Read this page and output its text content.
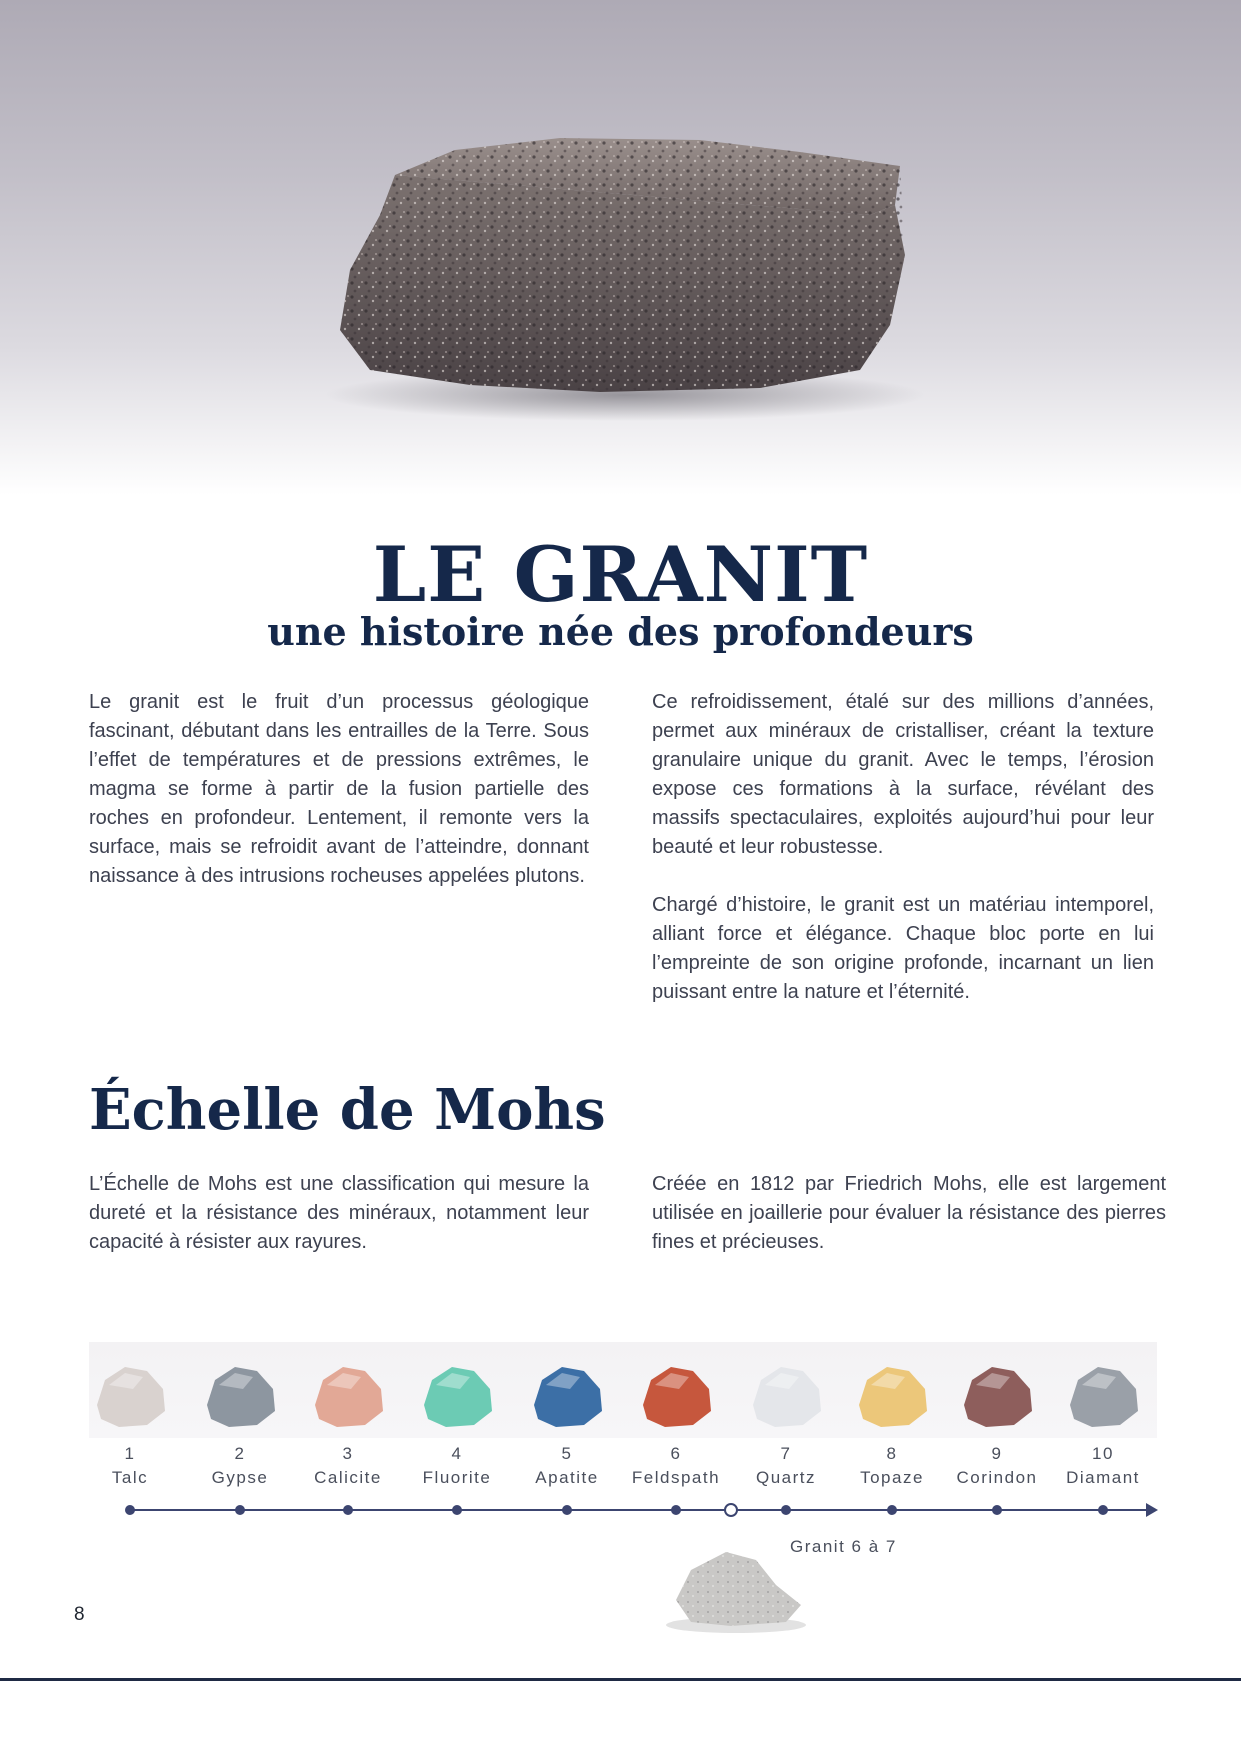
LE GRANIT
une histoire née des profondeurs

Le granit est le fruit d’un processus géologique fascinant, débutant dans les entrailles de la Terre. Sous l’effet de températures et de pressions extrêmes, le magma se forme à partir de la fusion partielle des roches en profondeur. Lentement, il remonte vers la surface, mais se refroidit avant de l’atteindre, donnant naissance à des intrusions rocheuses appelées plutons.

Ce refroidissement, étalé sur des millions d’années, permet aux minéraux de cristalliser, créant la texture granulaire unique du granit. Avec le temps, l’érosion expose ces formations à la surface, révélant des massifs spectaculaires, exploités aujourd’hui pour leur beauté et leur robustesse.

Chargé d’histoire, le granit est un matériau intemporel, alliant force et élégance. Chaque bloc porte en lui l’empreinte de son origine profonde, incarnant un lien puissant entre la nature et l’éternité.

Échelle de Mohs

L’Échelle de Mohs est une classification qui mesure la dureté et la résistance des minéraux, notamment leur capacité à résister aux rayures.

Créée en 1812 par Friedrich Mohs, elle est largement utilisée en joaillerie pour évaluer la résistance des pierres fines et précieuses.

1
Talc
2
Gypse
3
Calicite
4
Fluorite
5
Apatite
6
Feldspath
7
Quartz
8
Topaze
9
Corindon
10
Diamant
Granit 6 à 7
8
